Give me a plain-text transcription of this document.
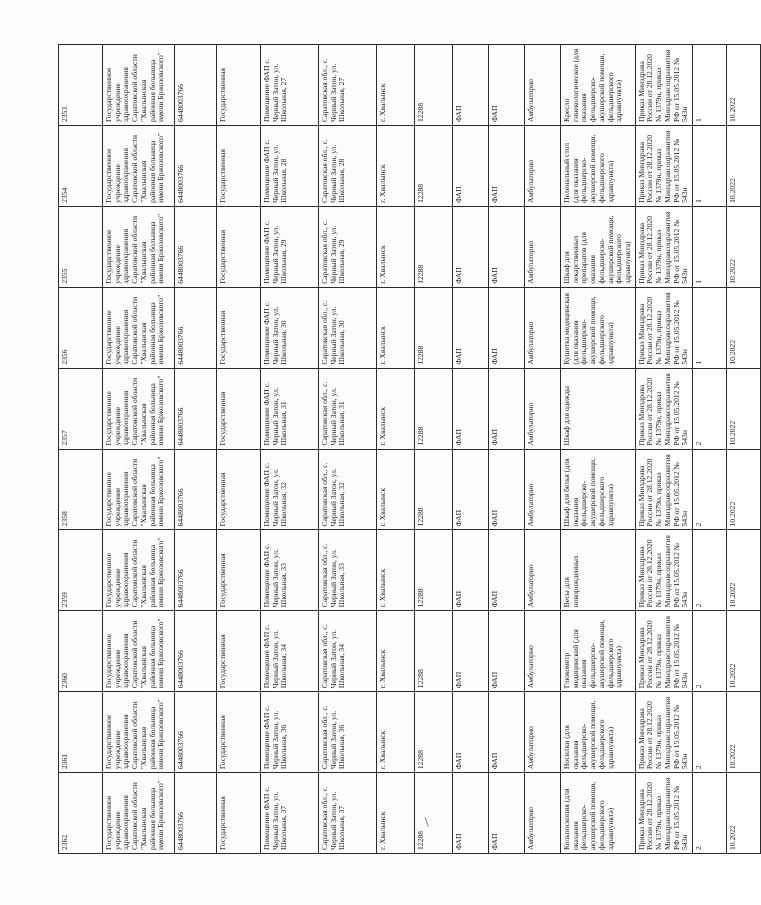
2362	2361	2360	2359	2358	2357	2356	2355	2354	2353
Государственное учреждение здравоохранения Саратовской области "Хвалынская районная больница имени Бржозовского"	Государственное учреждение здравоохранения Саратовской области "Хвалынская районная больница имени Бржозовского"	Государственное учреждение здравоохранения Саратовской области "Хвалынская районная больница имени Бржозовского"	Государственное учреждение здравоохранения Саратовской области "Хвалынская районная больница имени Бржозовского"	Государственное учреждение здравоохранения Саратовской области "Хвалынская районная больница имени Бржозовского"	Государственное учреждение здравоохранения Саратовской области "Хвалынская районная больница имени Бржозовского"	Государственное учреждение здравоохранения Саратовской области "Хвалынская районная больница имени Бржозовского"	Государственное учреждение здравоохранения Саратовской области "Хвалынская районная больница имени Бржозовского"	Государственное учреждение здравоохранения Саратовской области "Хвалынская районная больница имени Бржозовского"	Государственное учреждение здравоохранения Саратовской области "Хвалынская районная больница имени Бржозовского"
6448003766	6448003766	6448003766	6448003766	6448003766	6448003766	6448003766	6448003766	6448003766	6448003766
Государственная	Государственная	Государственная	Государственная	Государственная	Государственная	Государственная	Государственная	Государственная	Государственная
Помещение ФАП с. Черный Затон, ул. Школьная, 37	Помещение ФАП с. Черный Затон, ул. Школьная, 36	Помещение ФАП с. Черный Затон, ул. Школьная, 34	Помещение ФАП с. Черный Затон, ул. Школьная, 33	Помещение ФАП с. Черный Затон, ул. Школьная, 32	Помещение ФАП с. Черный Затон, ул. Школьная, 31	Помещение ФАП с. Черный Затон, ул. Школьная, 30	Помещение ФАП с. Черный Затон, ул. Школьная, 29	Помещение ФАП с. Черный Затон, ул. Школьная, 28	Помещение ФАП с. Черный Затон, ул. Школьная, 27
Саратовская обл., с. Черный Затон, ул. Школьная, 37	Саратовская обл., с. Черный Затон, ул. Школьная, 36	Саратовская обл., с. Черный Затон, ул. Школьная, 34	Саратовская обл., с. Черный Затон, ул. Школьная, 33	Саратовская обл., с. Черный Затон, ул. Школьная, 32	Саратовская обл., с. Черный Затон, ул. Школьная, 31	Саратовская обл., с. Черный Затон, ул. Школьная, 30	Саратовская обл., с. Черный Затон, ул. Школьная, 29	Саратовская обл., с. Черный Затон, ул. Школьная, 28	Саратовская обл., с. Черный Затон, ул. Школьная, 27
г. Хвалынск	г. Хвалынск	г. Хвалынск	г. Хвалынск	г. Хвалынск	г. Хвалынск	г. Хвалынск	г. Хвалынск	г. Хвалынск	г. Хвалынск
12288	12288	12288	12288	12288	12288	12288	12288	12288	12288
ФАП	ФАП	ФАП	ФАП	ФАП	ФАП	ФАП	ФАП	ФАП	ФАП
ФАП	ФАП	ФАП	ФАП	ФАП	ФАП	ФАП	ФАП	ФАП	ФАП
Амбулаторно	Амбулаторно	Амбулаторно	Амбулаторно	Амбулаторно	Амбулаторно	Амбулаторно	Амбулаторно	Амбулаторно	Амбулаторно
Кольпоскопия (для оказания фельдшерско-акушерской помощи, фельдшерского здравпункта)	Носилки (для оказания фельдшерско-акушерской помощи, фельдшерского здравпункта)	Глюкометр медицинский (для оказания фельдшерско-акушерской помощи, фельдшерского здравпункта)	Весы для новорожденных	Шкаф для белья (для оказания фельдшерско-акушерской помощи, фельдшерского здравпункта)	Шкаф для одежды	Кушетка медицинская (для оказания фельдшерско-акушерской помощи, фельдшерского здравпункта)	Шкаф для лекарственных препаратов (для оказания фельдшерско-акушерской помощи, фельдшерского здравпункта)	Пеленальный стол (для оказания фельдшерско-акушерской помощи, фельдшерского здравпункта)	Кресло гинекологическое (для оказания фельдшерско-акушерской помощи, фельдшерского здравпункта)
Приказ Минздрава России от 28.12.2020 № 1379н, приказ Минздравсоцразвития РФ от 15.05.2012 № 543н	Приказ Минздрава России от 28.12.2020 № 1379н, приказ Минздравсоцразвития РФ от 15.05.2012 № 543н	Приказ Минздрава России от 28.12.2020 № 1379н, приказ Минздравсоцразвития РФ от 15.05.2012 № 543н	Приказ Минздрава России от 28.12.2020 № 1379н, приказ Минздравсоцразвития РФ от 15.05.2012 № 543н	Приказ Минздрава России от 28.12.2020 № 1379н, приказ Минздравсоцразвития РФ от 15.05.2012 № 543н	Приказ Минздрава России от 28.12.2020 № 1379н, приказ Минздравсоцразвития РФ от 15.05.2012 № 543н	Приказ Минздрава России от 28.12.2020 № 1379н, приказ Минздравсоцразвития РФ от 15.05.2012 № 543н	Приказ Минздрава России от 28.12.2020 № 1379н, приказ Минздравсоцразвития РФ от 15.05.2012 № 543н	Приказ Минздрава России от 28.12.2020 № 1379н, приказ Минздравсоцразвития РФ от 15.05.2012 № 543н	Приказ Минздрава России от 28.12.2020 № 1379н, приказ Минздравсоцразвития РФ от 15.05.2012 № 543н
2	2	2	2	2	2	1	1	1	1
10.2022	10.2022	10.2022	10.2022	10.2022	10.2022	10.2022	10.2022	10.2022	10.2022
